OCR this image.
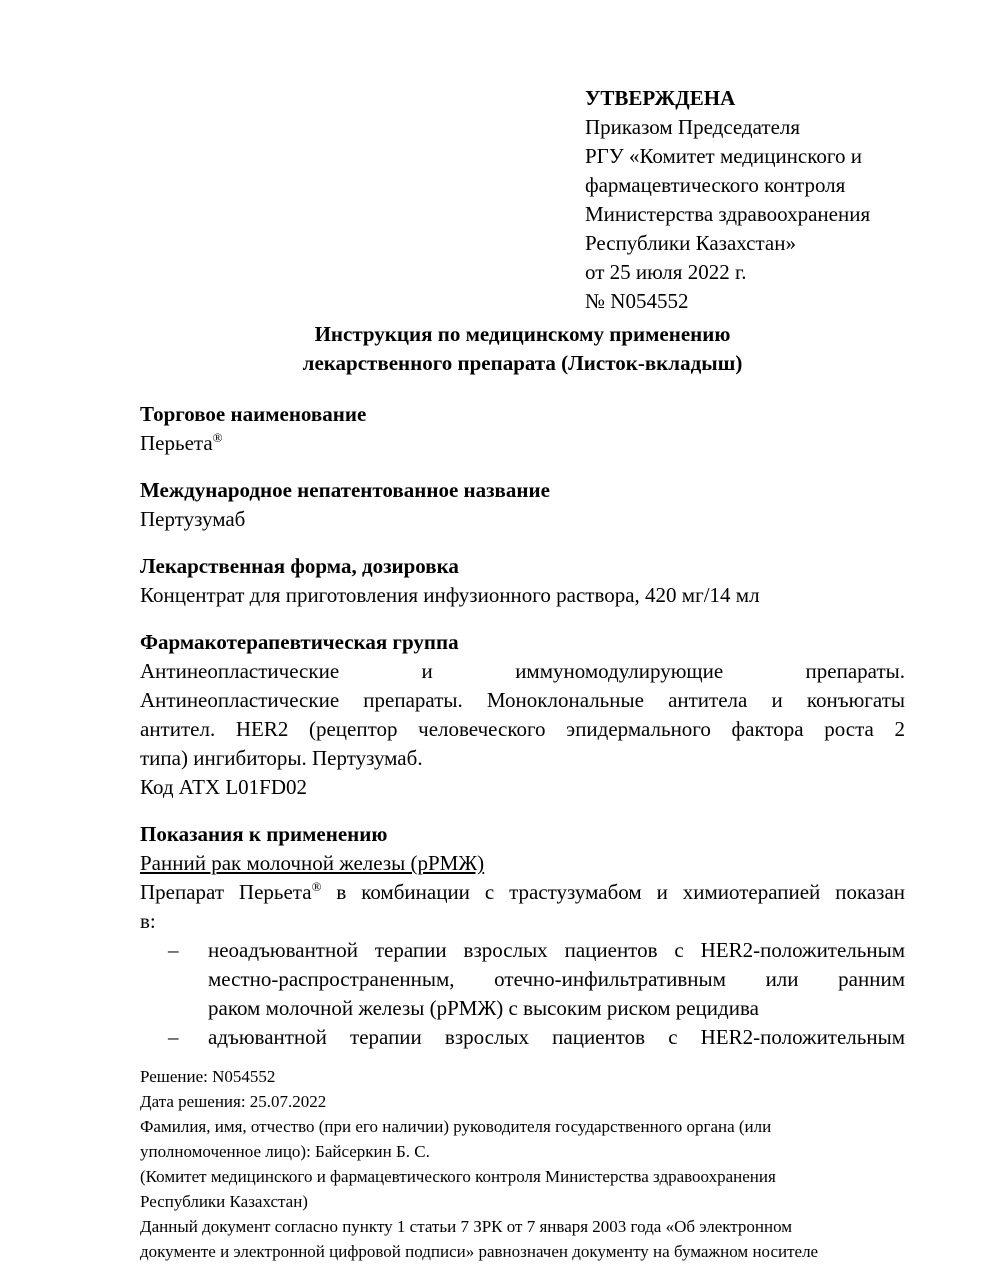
УТВЕРЖДЕНА
Приказом Председателя
РГУ «Комитет медицинского и
фармацевтического контроля
Министерства здравоохранения
Республики Казахстан»
от 25 июля 2022 г.
№ N054552
Инструкция по медицинскому применению
лекарственного препарата (Листок-вкладыш)
Торговое наименование
Перьета®
Международное непатентованное название
Пертузумаб
Лекарственная форма, дозировка
Концентрат для приготовления инфузионного раствора, 420 мг/14 мл
Фармакотерапевтическая группа
Антинеопластические и иммуномодулирующие препараты.
Антинеопластические препараты. Моноклональные антитела и конъюгаты
антител. HER2 (рецептор человеческого эпидермального фактора роста 2
типа) ингибиторы. Пертузумаб.
Код АТХ L01FD02
Показания к применению
Ранний рак молочной железы (рРМЖ)
Препарат Перьета® в комбинации с трастузумабом и химиотерапией показан
в:
– неоадъювантной терапии взрослых пациентов с HER2-положительным
местно-распространенным, отечно-инфильтративным или ранним
раком молочной железы (рРМЖ) с высоким риском рецидива
– адъювантной терапии взрослых пациентов с HER2-положительным
Решение: N054552
Дата решения: 25.07.2022
Фамилия, имя, отчество (при его наличии) руководителя государственного органа (или
уполномоченное лицо): Байсеркин Б. С.
(Комитет медицинского и фармацевтического контроля Министерства здравоохранения
Республики Казахстан)
Данный документ согласно пункту 1 статьи 7 ЗРК от 7 января 2003 года «Об электронном
документе и электронной цифровой подписи» равнозначен документу на бумажном носителе
